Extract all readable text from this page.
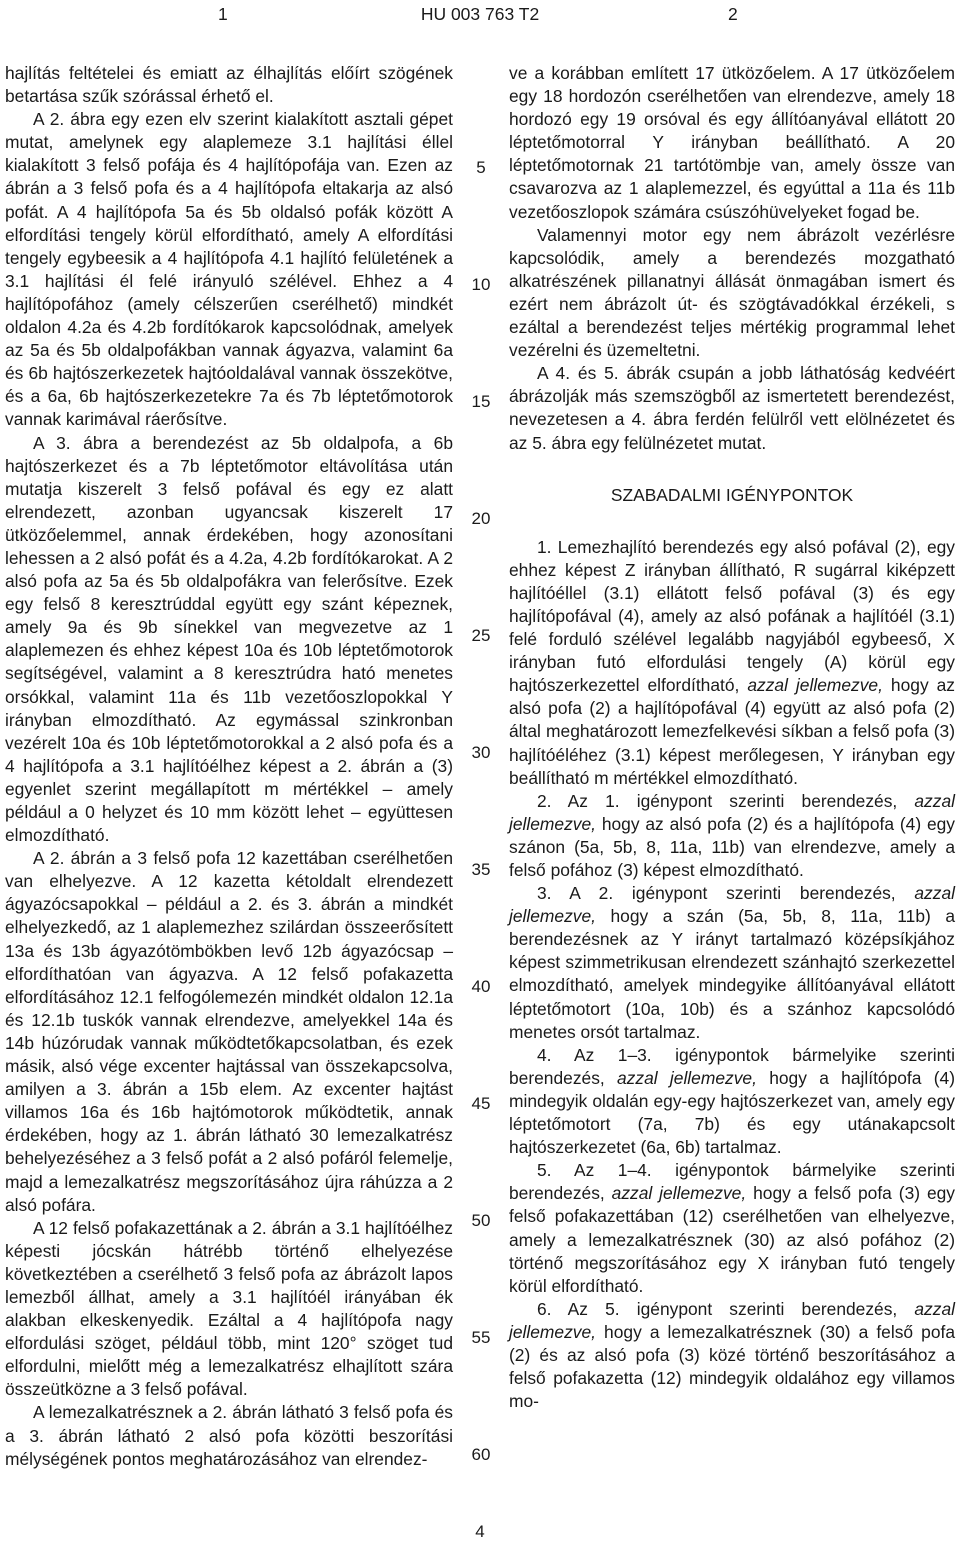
1	HU 003 763 T2	2

hajlítás feltételei és emiatt az élhajlítás előírt szögének betartása szűk szórással érhető el.

A 2. ábra egy ezen elv szerint kialakított asztali gépet mutat, amelynek egy alaplemeze 3.1 hajlítási éllel kialakított 3 felső pofája és 4 hajlítópofája van. Ezen az ábrán a 3 felső pofa és a 4 hajlítópofa eltakarja az alsó pofát. A 4 hajlítópofa 5a és 5b oldalsó pofák között A elfordítási tengely körül elfordítható, amely A elfordítási tengely egybeesik a 4 hajlítópofa 4.1 hajlító felületének a 3.1 hajlítási él felé irányuló szélével. Ehhez a 4 hajlítópofához (amely célszerűen cserélhető) mindkét oldalon 4.2a és 4.2b fordítókarok kapcsolódnak, amelyek az 5a és 5b oldalpofákban vannak ágyazva, valamint 6a és 6b hajtószerkezetek hajtóoldalával vannak összekötve, és a 6a, 6b hajtószerkezetekre 7a és 7b léptetőmotorok vannak karimával ráerősítve.

A 3. ábra a berendezést az 5b oldalpofa, a 6b hajtószerkezet és a 7b léptetőmotor eltávolítása után mutatja kiszerelt 3 felső pofával és egy ez alatt elrendezett, azonban ugyancsak kiszerelt 17 ütközőelemmel, annak érdekében, hogy azonosítani lehessen a 2 alsó pofát és a 4.2a, 4.2b fordítókarokat. A 2 alsó pofa az 5a és 5b oldalpofákra van felerősítve. Ezek egy felső 8 keresztrúddal együtt egy szánt képeznek, amely 9a és 9b sínekkel van megvezetve az 1 alaplemezen és ehhez képest 10a és 10b léptetőmotorok segítségével, valamint a 8 keresztrúdra ható menetes orsókkal, valamint 11a és 11b vezetőoszlopokkal Y irányban elmozdítható. Az egymással szinkronban vezérelt 10a és 10b léptetőmotorokkal a 2 alsó pofa és a 4 hajlítópofa a 3.1 hajlítóélhez képest a 2. ábrán a (3) egyenlet szerint megállapított m mértékkel – amely például a 0 helyzet és 10 mm között lehet – együttesen elmozdítható.

A 2. ábrán a 3 felső pofa 12 kazettában cserélhetően van elhelyezve. A 12 kazetta kétoldalt elrendezett ágyazócsapokkal – például a 2. és 3. ábrán a mindkét elhelyezkedő, az 1 alaplemezhez szilárdan összeerősített 13a és 13b ágyazótömbökben levő 12b ágyazócsap – elfordíthatóan van ágyazva. A 12 felső pofakazetta elfordításához 12.1 felfogólemezén mindkét oldalon 12.1a és 12.1b tuskók vannak elrendezve, amelyekkel 14a és 14b húzórudak vannak működtetőkapcsolatban, és ezek másik, alsó vége excenter hajtással van összekapcsolva, amilyen a 3. ábrán a 15b elem. Az excenter hajtást villamos 16a és 16b hajtómotorok működtetik, annak érdekében, hogy az 1. ábrán látható 30 lemezalkatrész behelyezéséhez a 3 felső pofát a 2 alsó pofáról felemelje, majd a lemezalkatrész megszorításához újra ráhúzza a 2 alsó pofára.

A 12 felső pofakazettának a 2. ábrán a 3.1 hajlítóélhez képesti jócskán hátrébb történő elhelyezése következtében a cserélhető 3 felső pofa az ábrázolt lapos lemezből állhat, amely a 3.1 hajlítóél irányában ék alakban elkeskenyedik. Ezáltal a 4 hajlítópofa nagy elfordulási szöget, például több, mint 120° szöget tud elfordulni, mielőtt még a lemezalkatrész elhajlított szára összeütközne a 3 felső pofával.

A lemezalkatrésznek a 2. ábrán látható 3 felső pofa és a 3. ábrán látható 2 alsó pofa közötti beszorítási mélységének pontos meghatározásához van elrendez-

5
10
15
20
25
30
35
40
45
50
55
60

ve a korábban említett 17 ütközőelem. A 17 ütközőelem egy 18 hordozón cserélhetően van elrendezve, amely 18 hordozó egy 19 orsóval és egy állítóanyával ellátott 20 léptetőmotorral Y irányban beállítható. A 20 léptetőmotornak 21 tartótömbje van, amely össze van csavarozva az 1 alaplemezzel, és egyúttal a 11a és 11b vezetőoszlopok számára csúszóhüvelyeket fogad be.

Valamennyi motor egy nem ábrázolt vezérlésre kapcsolódik, amely a berendezés mozgatható alkatrészének pillanatnyi állását önmagában ismert és ezért nem ábrázolt út- és szögtávadókkal érzékeli, s ezáltal a berendezést teljes mértékig programmal lehet vezérelni és üzemeltetni.

A 4. és 5. ábrák csupán a jobb láthatóság kedvéért ábrázolják más szemszögből az ismertetett berendezést, nevezetesen a 4. ábra ferdén felülről vett elölnézetet és az 5. ábra egy felülnézetet mutat.

SZABADALMI IGÉNYPONTOK

1. Lemezhajlító berendezés egy alsó pofával (2), egy ehhez képest Z irányban állítható, R sugárral kiképzett hajlítóéllel (3.1) ellátott felső pofával (3) és egy hajlítópofával (4), amely az alsó pofának a hajlítóél (3.1) felé forduló szélével legalább nagyjából egybeeső, X irányban futó elfordulási tengely (A) körül egy hajtószerkezettel elfordítható, azzal jellemezve, hogy az alsó pofa (2) a hajlítópofával (4) együtt az alsó pofa (2) által meghatározott lemezfelkevési síkban a felső pofa (3) hajlítóéléhez (3.1) képest merőlegesen, Y irányban egy beállítható m mértékkel elmozdítható.

2. Az 1. igénypont szerinti berendezés, azzal jellemezve, hogy az alsó pofa (2) és a hajlítópofa (4) egy szánon (5a, 5b, 8, 11a, 11b) van elrendezve, amely a felső pofához (3) képest elmozdítható.

3. A 2. igénypont szerinti berendezés, azzal jellemezve, hogy a szán (5a, 5b, 8, 11a, 11b) a berendezésnek az Y irányt tartalmazó középsíkjához képest szimmetrikusan elrendezett szánhajtó szerkezettel elmozdítható, amelyek mindegyike állítóanyával ellátott léptetőmotort (10a, 10b) és a szánhoz kapcsolódó menetes orsót tartalmaz.

4. Az 1–3. igénypontok bármelyike szerinti berendezés, azzal jellemezve, hogy a hajlítópofa (4) mindegyik oldalán egy-egy hajtószerkezet van, amely egy léptetőmotort (7a, 7b) és egy utánakapcsolt hajtószerkezetet (6a, 6b) tartalmaz.

5. Az 1–4. igénypontok bármelyike szerinti berendezés, azzal jellemezve, hogy a felső pofa (3) egy felső pofakazettában (12) cserélhetően van elhelyezve, amely a lemezalkatrésznek (30) az alsó pofához (2) történő megszorításához egy X irányban futó tengely körül elfordítható.

6. Az 5. igénypont szerinti berendezés, azzal jellemezve, hogy a lemezalkatrésznek (30) a felső pofa (2) és az alsó pofa (3) közé történő beszorításához a felső pofakazetta (12) mindegyik oldalához egy villamos mo-

4
